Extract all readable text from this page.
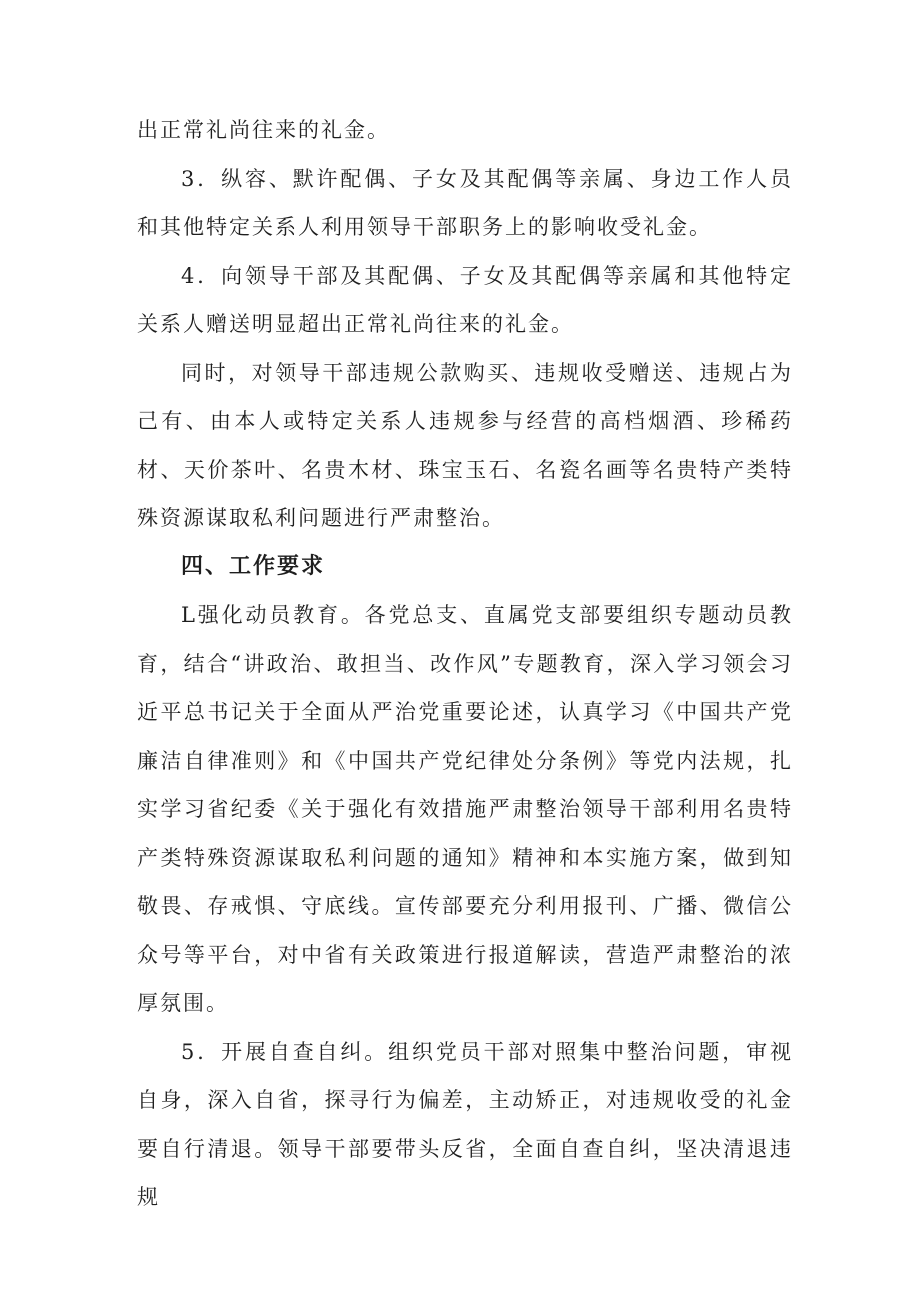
出正常礼尚往来的礼金。

3．纵容、默许配偶、子女及其配偶等亲属、身边工作人员和其他特定关系人利用领导干部职务上的影响收受礼金。

4．向领导干部及其配偶、子女及其配偶等亲属和其他特定关系人赠送明显超出正常礼尚往来的礼金。

同时，对领导干部违规公款购买、违规收受赠送、违规占为己有、由本人或特定关系人违规参与经营的高档烟酒、珍稀药材、天价茶叶、名贵木材、珠宝玉石、名瓷名画等名贵特产类特殊资源谋取私利问题进行严肃整治。

四、工作要求

L强化动员教育。各党总支、直属党支部要组织专题动员教育，结合“讲政治、敢担当、改作风”专题教育，深入学习领会习近平总书记关于全面从严治党重要论述，认真学习《中国共产党廉洁自律准则》和《中国共产党纪律处分条例》等党内法规，扎实学习省纪委《关于强化有效措施严肃整治领导干部利用名贵特产类特殊资源谋取私利问题的通知》精神和本实施方案，做到知敬畏、存戒惧、守底线。宣传部要充分利用报刊、广播、微信公众号等平台，对中省有关政策进行报道解读，营造严肃整治的浓厚氛围。

5．开展自查自纠。组织党员干部对照集中整治问题，审视自身，深入自省，探寻行为偏差，主动矫正，对违规收受的礼金要自行清退。领导干部要带头反省，全面自查自纠，坚决清退违规
